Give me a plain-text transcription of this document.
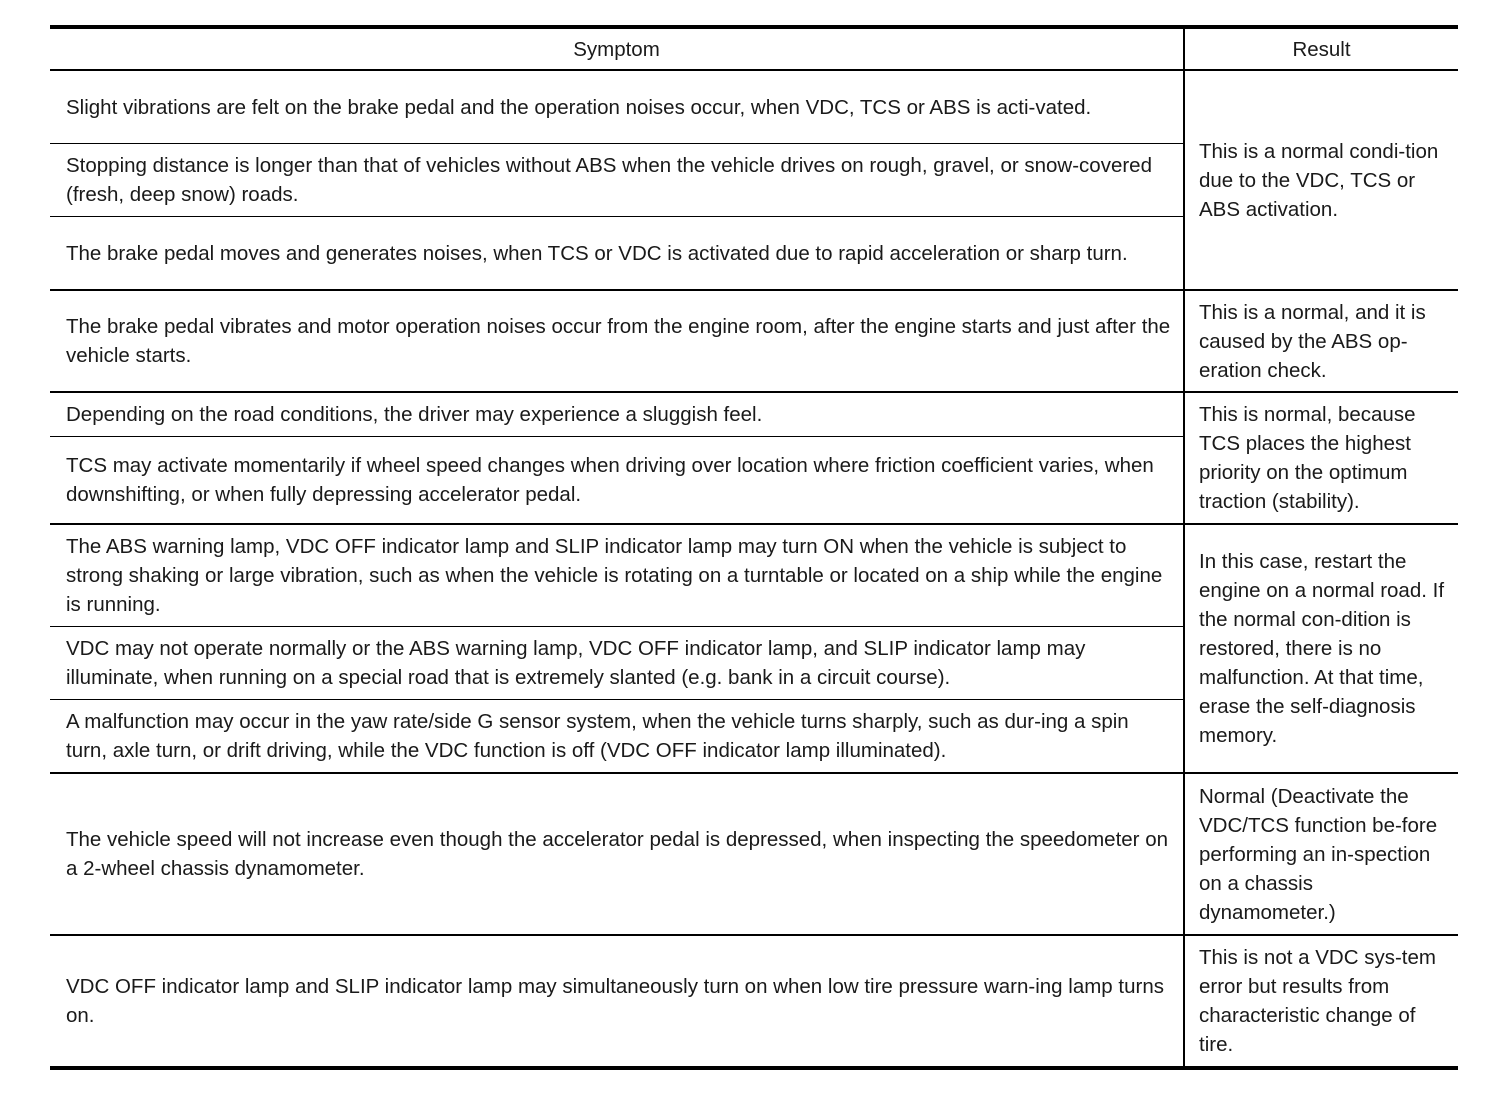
Symptom	Result
Slight vibrations are felt on the brake pedal and the operation noises occur, when VDC, TCS or ABS is acti-vated.	This is a normal condi-tion due to the VDC, TCS or ABS activation.
Stopping distance is longer than that of vehicles without ABS when the vehicle drives on rough, gravel, or snow-covered (fresh, deep snow) roads.	
The brake pedal moves and generates noises, when TCS or VDC is activated due to rapid acceleration or sharp turn.	
The brake pedal vibrates and motor operation noises occur from the engine room, after the engine starts and just after the vehicle starts.	This is a normal, and it is caused by the ABS op-eration check.
Depending on the road conditions, the driver may experience a sluggish feel.	This is normal, because TCS places the highest priority on the optimum traction (stability).
TCS may activate momentarily if wheel speed changes when driving over location where friction coefficient varies, when downshifting, or when fully depressing accelerator pedal.	
The ABS warning lamp, VDC OFF indicator lamp and SLIP indicator lamp may turn ON when the vehicle is subject to strong shaking or large vibration, such as when the vehicle is rotating on a turntable or located on a ship while the engine is running.	In this case, restart the engine on a normal road. If the normal con-dition is restored, there is no malfunction. At that time, erase the self-diagnosis memory.
VDC may not operate normally or the ABS warning lamp, VDC OFF indicator lamp, and SLIP indicator lamp may illuminate, when running on a special road that is extremely slanted (e.g. bank in a circuit course).	
A malfunction may occur in the yaw rate/side G sensor system, when the vehicle turns sharply, such as dur-ing a spin turn, axle turn, or drift driving, while the VDC function is off (VDC OFF indicator lamp illuminated).	
The vehicle speed will not increase even though the accelerator pedal is depressed, when inspecting the speedometer on a 2-wheel chassis dynamometer.	Normal (Deactivate the VDC/TCS function be-fore performing an in-spection on a chassis dynamometer.)
VDC OFF indicator lamp and SLIP indicator lamp may simultaneously turn on when low tire pressure warn-ing lamp turns on.	This is not a VDC sys-tem error but results from characteristic change of tire.
